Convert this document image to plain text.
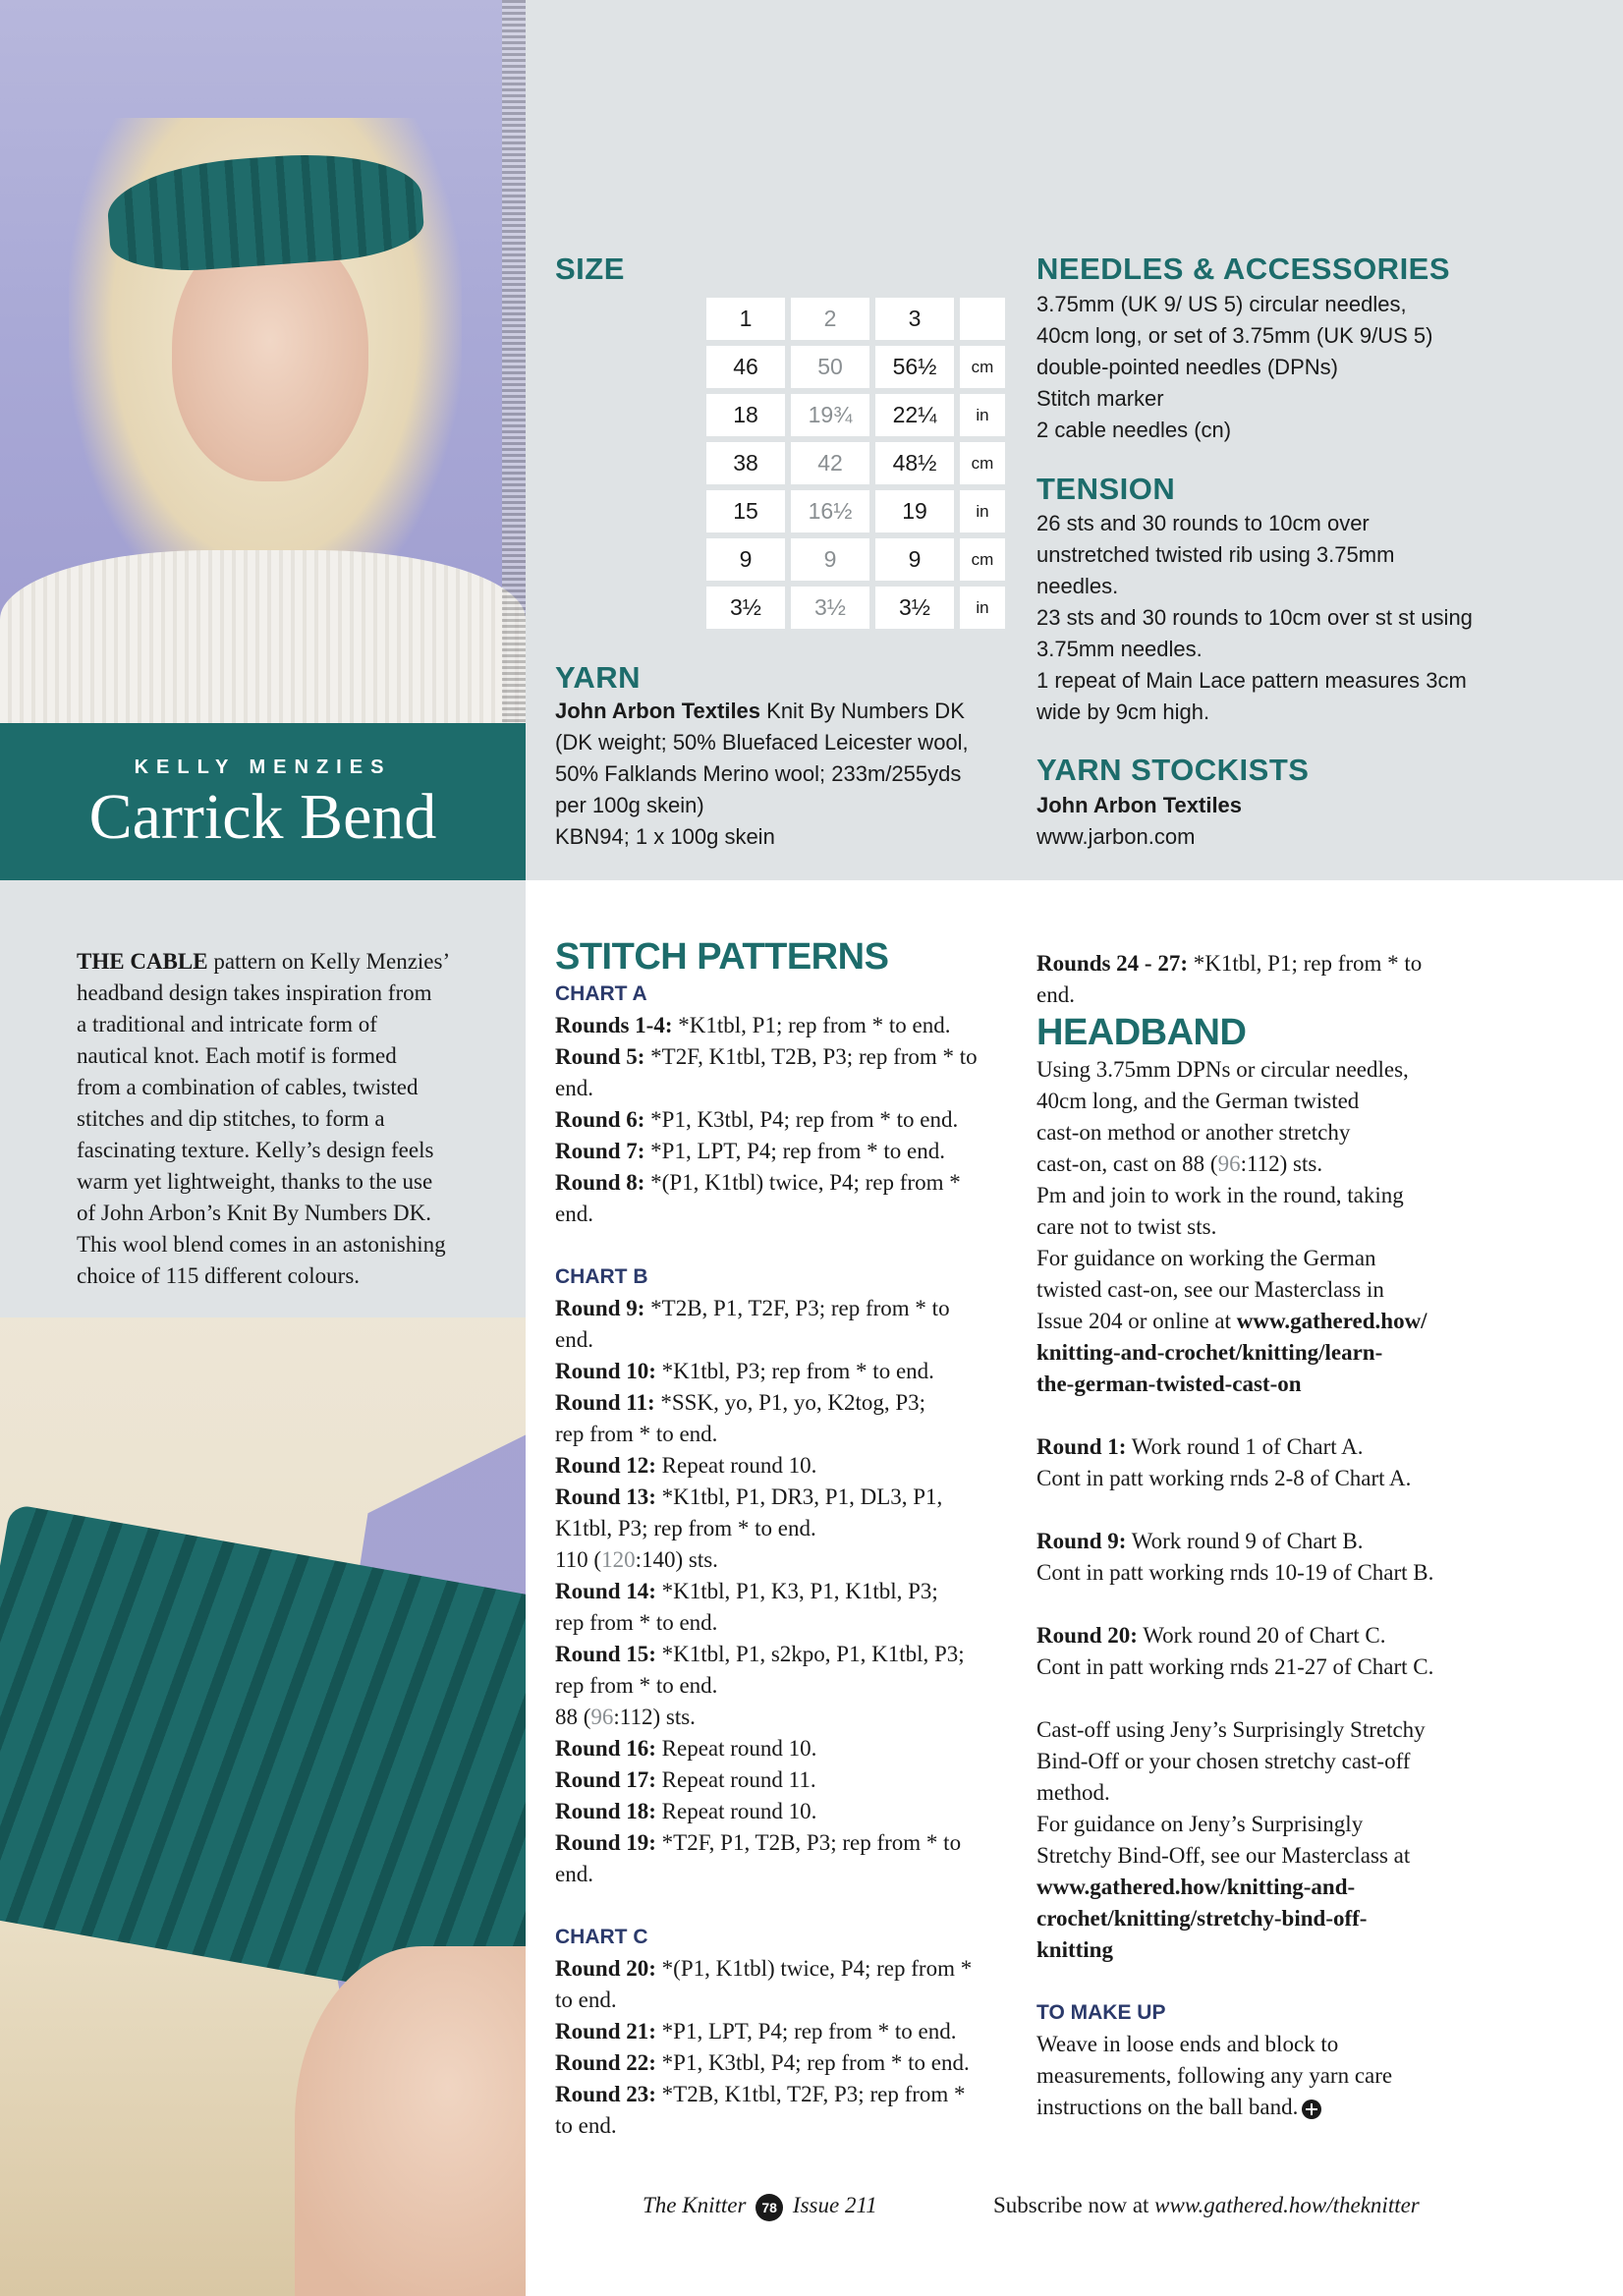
KELLY MENZIES
Carrick Bend
THE CABLE pattern on Kelly Menzies’
headband design takes inspiration from
a traditional and intricate form of
nautical knot. Each motif is formed
from a combination of cables, twisted
stitches and dip stitches, to form a
fascinating texture. Kelly’s design feels
warm yet lightweight, thanks to the use
of John Arbon’s Knit By Numbers DK.
This wool blend comes in an astonishing
choice of 115 different colours.
SIZE
1	2	3
46	50	56½	cm
18	19¾	22¼	in
38	42	48½	cm
15	16½	19	in
9	9	9	cm
3½	3½	3½	in
YARN
John Arbon Textiles Knit By Numbers DK
(DK weight; 50% Bluefaced Leicester wool,
50% Falklands Merino wool; 233m/255yds
per 100g skein)
KBN94; 1 x 100g skein
NEEDLES & ACCESSORIES
3.75mm (UK 9/ US 5) circular needles,
40cm long, or set of 3.75mm (UK 9/US 5)
double-pointed needles (DPNs)
Stitch marker
2 cable needles (cn)
TENSION
26 sts and 30 rounds to 10cm over
unstretched twisted rib using 3.75mm
needles.
23 sts and 30 rounds to 10cm over st st using
3.75mm needles.
1 repeat of Main Lace pattern measures 3cm
wide by 9cm high.
YARN STOCKISTS
John Arbon Textiles
www.jarbon.com
STITCH PATTERNS
CHART A
Rounds 1-4: *K1tbl, P1; rep from * to end.
Round 5: *T2F, K1tbl, T2B, P3; rep from * to
end.
Round 6: *P1, K3tbl, P4; rep from * to end.
Round 7: *P1, LPT, P4; rep from * to end.
Round 8: *(P1, K1tbl) twice, P4; rep from *
end.
CHART B
Round 9: *T2B, P1, T2F, P3; rep from * to
end.
Round 10: *K1tbl, P3; rep from * to end.
Round 11: *SSK, yo, P1, yo, K2tog, P3;
rep from * to end.
Round 12: Repeat round 10.
Round 13: *K1tbl, P1, DR3, P1, DL3, P1,
K1tbl, P3; rep from * to end.
110 (120:140) sts.
Round 14: *K1tbl, P1, K3, P1, K1tbl, P3;
rep from * to end.
Round 15: *K1tbl, P1, s2kpo, P1, K1tbl, P3;
rep from * to end.
88 (96:112) sts.
Round 16: Repeat round 10.
Round 17: Repeat round 11.
Round 18: Repeat round 10.
Round 19: *T2F, P1, T2B, P3; rep from * to
end.
CHART C
Round 20: *(P1, K1tbl) twice, P4; rep from *
to end.
Round 21: *P1, LPT, P4; rep from * to end.
Round 22: *P1, K3tbl, P4; rep from * to end.
Round 23: *T2B, K1tbl, T2F, P3; rep from *
to end.
Rounds 24 - 27: *K1tbl, P1; rep from * to
end.
HEADBAND
Using 3.75mm DPNs or circular needles,
40cm long, and the German twisted
cast-on method or another stretchy
cast-on, cast on 88 (96:112) sts.
Pm and join to work in the round, taking
care not to twist sts.
For guidance on working the German
twisted cast-on, see our Masterclass in
Issue 204 or online at www.gathered.how/
knitting-and-crochet/knitting/learn-
the-german-twisted-cast-on
Round 1: Work round 1 of Chart A.
Cont in patt working rnds 2-8 of Chart A.
Round 9: Work round 9 of Chart B.
Cont in patt working rnds 10-19 of Chart B.
Round 20: Work round 20 of Chart C.
Cont in patt working rnds 21-27 of Chart C.
Cast-off using Jeny’s Surprisingly Stretchy
Bind-Off or your chosen stretchy cast-off
method.
For guidance on Jeny’s Surprisingly
Stretchy Bind-Off, see our Masterclass at
www.gathered.how/knitting-and-
crochet/knitting/stretchy-bind-off-
knitting
TO MAKE UP
Weave in loose ends and block to
measurements, following any yarn care
instructions on the ball band.
The Knitter 78 Issue 211	Subscribe now at www.gathered.how/theknitter
